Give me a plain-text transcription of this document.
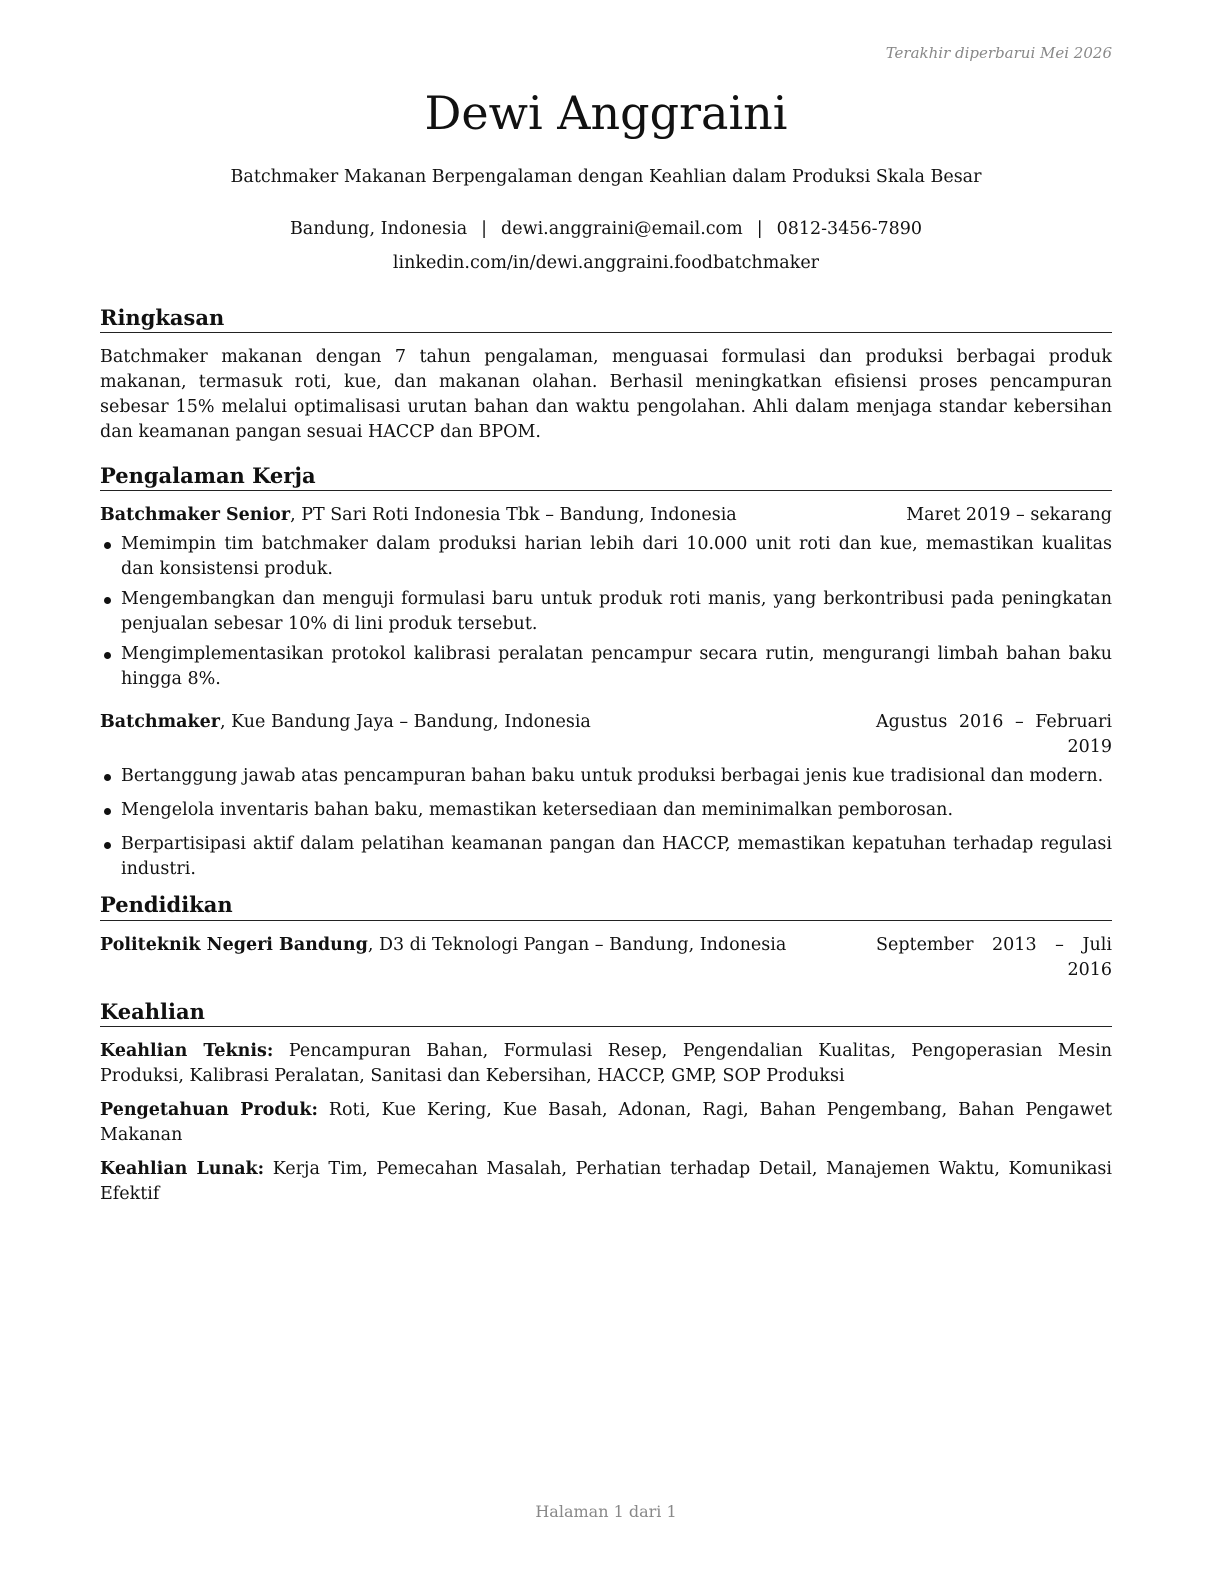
Terakhir diperbarui Mei 2026
Dewi Anggraini
Batchmaker Makanan Berpengalaman dengan Keahlian dalam Produksi Skala Besar
Bandung, Indonesia | dewi.anggraini@email.com | 0812-3456-7890
linkedin.com/in/dewi.anggraini.foodbatchmaker
Ringkasan

Batchmaker makanan dengan 7 tahun pengalaman, menguasai formulasi dan produksi berbagai produk makanan, termasuk roti, kue, dan makanan olahan. Berhasil meningkatkan efisiensi proses pencampuran sebesar 15% melalui optimalisasi urutan bahan dan waktu pengolahan. Ahli dalam menjaga standar kebersihan dan keamanan pangan sesuai HACCP dan BPOM.

Pengalaman Kerja
Batchmaker Senior, PT Sari Roti Indonesia Tbk – Bandung, Indonesia	Maret 2019 – sekarang
Memimpin tim batchmaker dalam produksi harian lebih dari 10.000 unit roti dan kue, memastikan kualitas dan konsistensi produk.
Mengembangkan dan menguji formulasi baru untuk produk roti manis, yang berkontribusi pada peningkatan penjualan sebesar 10% di lini produk tersebut.
Mengimplementasikan protokol kalibrasi peralatan pencampur secara rutin, mengurangi limbah bahan baku hingga 8%.
Batchmaker, Kue Bandung Jaya – Bandung, Indonesia	Agustus 2016 – Februari 2019
Bertanggung jawab atas pencampuran bahan baku untuk produksi berbagai jenis kue tradisional dan modern.
Mengelola inventaris bahan baku, memastikan ketersediaan dan meminimalkan pemborosan.
Berpartisipasi aktif dalam pelatihan keamanan pangan dan HACCP, memastikan kepatuhan terhadap regulasi industri.
Pendidikan
Politeknik Negeri Bandung, D3 di Teknologi Pangan – Bandung, Indonesia	September 2013 – Juli 2016
Keahlian
Keahlian Teknis: Pencampuran Bahan, Formulasi Resep, Pengendalian Kualitas, Pengoperasian Mesin Produksi, Kalibrasi Peralatan, Sanitasi dan Kebersihan, HACCP, GMP, SOP Produksi
Pengetahuan Produk: Roti, Kue Kering, Kue Basah, Adonan, Ragi, Bahan Pengembang, Bahan Pengawet Makanan
Keahlian Lunak: Kerja Tim, Pemecahan Masalah, Perhatian terhadap Detail, Manajemen Waktu, Komunikasi Efektif
Halaman 1 dari 1
